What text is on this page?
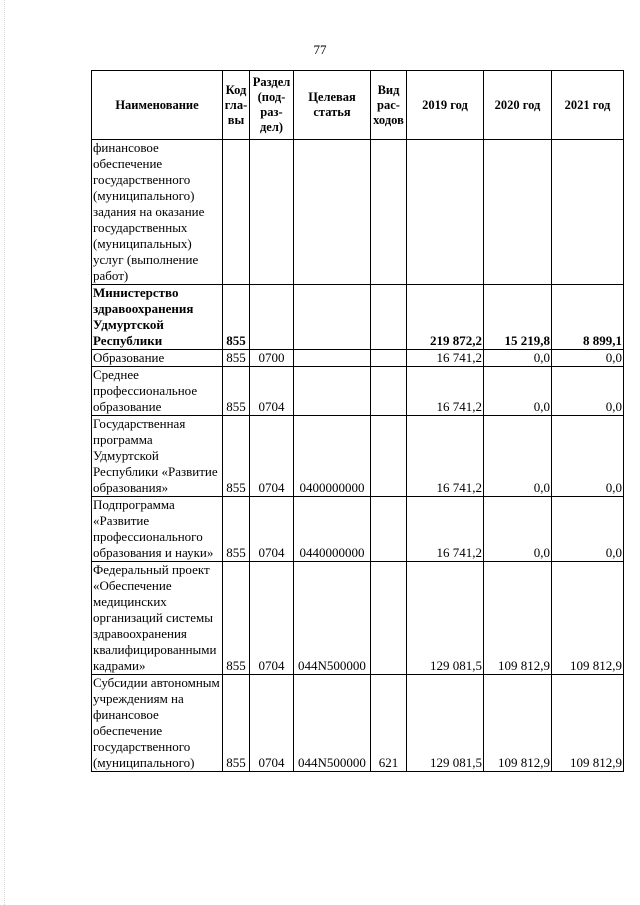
77
Наименование	Код гла-вы	Раздел (под-раз-дел)	Целевая статья	Вид рас-ходов	2019 год	2020 год	2021 год
финансовое обеспечение государственного (муниципального) задания на оказание государственных (муниципальных) услуг (выполнение работ)							
Министерство здравоохранения Удмуртской Республики	855				219 872,2	15 219,8	8 899,1
Образование	855	0700			16 741,2	0,0	0,0
Среднее профессиональное образование	855	0704			16 741,2	0,0	0,0
Государственная программа Удмуртской Республики «Развитие образования»	855	0704	0400000000		16 741,2	0,0	0,0
Подпрограмма «Развитие профессионального образования и науки»	855	0704	0440000000		16 741,2	0,0	0,0
Федеральный проект «Обеспечение медицинских организаций системы здравоохранения квалифицированными кадрами»	855	0704	044N500000		129 081,5	109 812,9	109 812,9
Субсидии автономным учреждениям на финансовое обеспечение государственного (муниципального)	855	0704	044N500000	621	129 081,5	109 812,9	109 812,9
